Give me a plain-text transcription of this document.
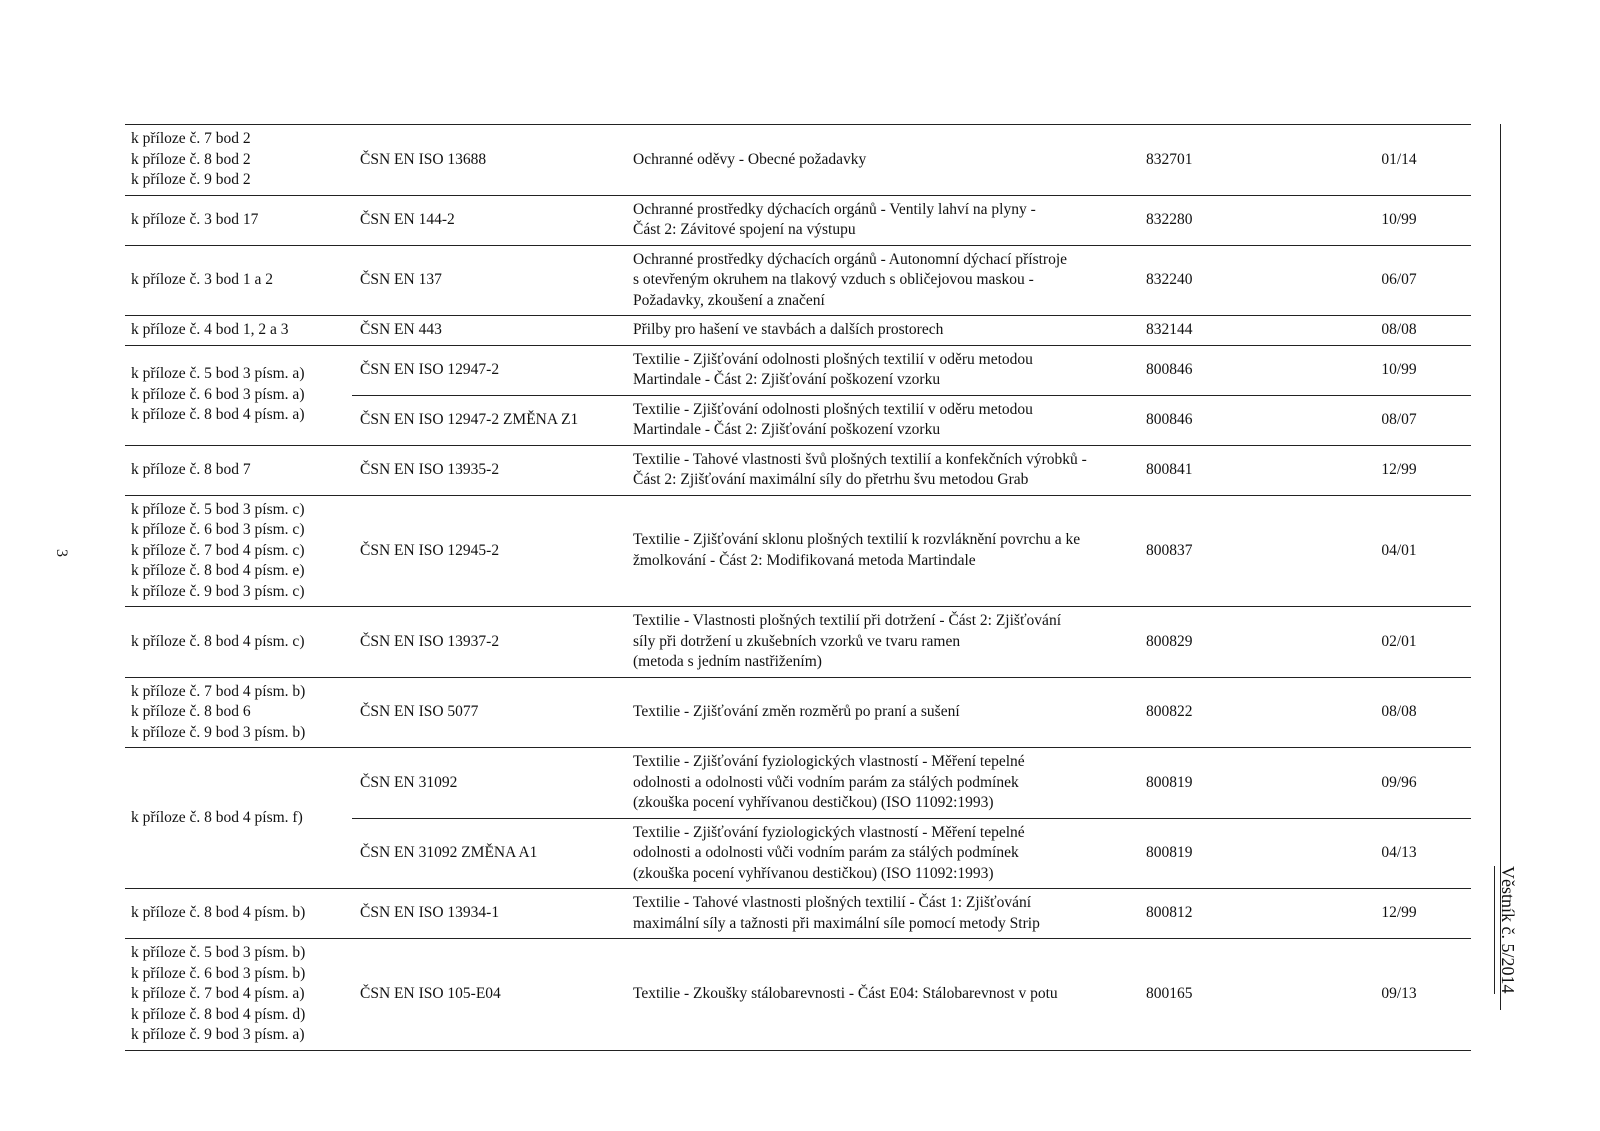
3
Věstník č. 5/2014
k příloze č. 7 bod 2
k příloze č. 8 bod 2
k příloze č. 9 bod 2	ČSN EN ISO 13688	Ochranné oděvy - Obecné požadavky	832701	01/14

k příloze č. 3 bod 17	ČSN EN 144-2	Ochranné prostředky dýchacích orgánů - Ventily lahví na plyny -
Část 2: Závitové spojení na výstupu	832280	10/99

k příloze č. 3 bod 1 a 2	ČSN EN 137	Ochranné prostředky dýchacích orgánů - Autonomní dýchací přístroje
s otevřeným okruhem na tlakový vzduch s obličejovou maskou -
Požadavky, zkoušení a značení	832240	06/07

k příloze č. 4 bod 1, 2 a 3	ČSN EN 443	Přilby pro hašení ve stavbách a dalších prostorech	832144	08/08

k příloze č. 5 bod 3 písm. a)
k příloze č. 6 bod 3 písm. a)
k příloze č. 8 bod 4 písm. a)	ČSN EN ISO 12947-2	Textilie - Zjišťování odolnosti plošných textilií v oděru metodou
Martindale - Část 2: Zjišťování poškození vzorku	800846	10/99
	ČSN EN ISO 12947-2 ZMĚNA Z1	Textilie - Zjišťování odolnosti plošných textilií v oděru metodou
Martindale - Část 2: Zjišťování poškození vzorku	800846	08/07

k příloze č. 8 bod 7	ČSN EN ISO 13935-2	Textilie - Tahové vlastnosti švů plošných textilií a konfekčních výrobků -
Část 2: Zjišťování maximální síly do přetrhu švu metodou Grab	800841	12/99

k příloze č. 5 bod 3 písm. c)
k příloze č. 6 bod 3 písm. c)
k příloze č. 7 bod 4 písm. c)
k příloze č. 8 bod 4 písm. e)
k příloze č. 9 bod 3 písm. c)	ČSN EN ISO 12945-2	Textilie - Zjišťování sklonu plošných textilií k rozvláknění povrchu a ke
žmolkování - Část 2: Modifikovaná metoda Martindale	800837	04/01

k příloze č. 8 bod 4 písm. c)	ČSN EN ISO 13937-2	Textilie - Vlastnosti plošných textilií při dotržení - Část 2: Zjišťování
síly při dotržení u zkušebních vzorků ve tvaru ramen
(metoda s jedním nastřižením)	800829	02/01

k příloze č. 7 bod 4 písm. b)
k příloze č. 8 bod 6
k příloze č. 9 bod 3 písm. b)	ČSN EN ISO 5077	Textilie - Zjišťování změn rozměrů po praní a sušení	800822	08/08

k příloze č. 8 bod 4 písm. f)	ČSN EN 31092	Textilie - Zjišťování fyziologických vlastností - Měření tepelné
odolnosti a odolnosti vůči vodním parám za stálých podmínek
(zkouška pocení vyhřívanou destičkou) (ISO 11092:1993)	800819	09/96
	ČSN EN 31092 ZMĚNA A1	Textilie - Zjišťování fyziologických vlastností - Měření tepelné
odolnosti a odolnosti vůči vodním parám za stálých podmínek
(zkouška pocení vyhřívanou destičkou) (ISO 11092:1993)	800819	04/13

k příloze č. 8 bod 4 písm. b)	ČSN EN ISO 13934-1	Textilie - Tahové vlastnosti plošných textilií - Část 1: Zjišťování
maximální síly a tažnosti při maximální síle pomocí metody Strip	800812	12/99

k příloze č. 5 bod 3 písm. b)
k příloze č. 6 bod 3 písm. b)
k příloze č. 7 bod 4 písm. a)
k příloze č. 8 bod 4 písm. d)
k příloze č. 9 bod 3 písm. a)	ČSN EN ISO 105-E04	Textilie - Zkoušky stálobarevnosti - Část E04: Stálobarevnost v potu	800165	09/13
